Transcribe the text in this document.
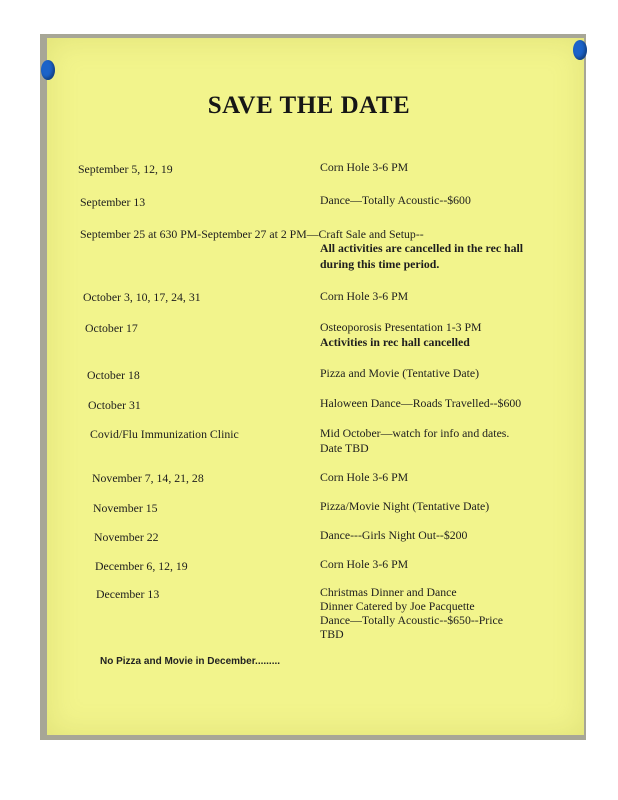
SAVE THE DATE
September 5, 12, 19	Corn Hole 3-6 PM
September 13	Dance—Totally Acoustic--$600
September 25 at 630 PM-September 27 at 2 PM—Craft Sale and Setup--
All activities are cancelled in the rec hall
during this time period.
October 3, 10, 17, 24, 31	Corn Hole 3-6 PM
October 17	Osteoporosis Presentation 1-3 PM
Activities in rec hall cancelled
October 18	Pizza and Movie (Tentative Date)
October 31	Haloween Dance—Roads Travelled--$600
Covid/Flu Immunization Clinic	Mid October—watch for info and dates.
Date TBD
November 7, 14, 21, 28	Corn Hole 3-6 PM
November 15	Pizza/Movie Night (Tentative Date)
November 22	Dance---Girls Night Out--$200
December 6, 12, 19	Corn Hole 3-6 PM
December 13	Christmas Dinner and Dance
Dinner Catered by Joe Pacquette
Dance—Totally Acoustic--$650--Price
TBD
No Pizza and Movie in December.........
